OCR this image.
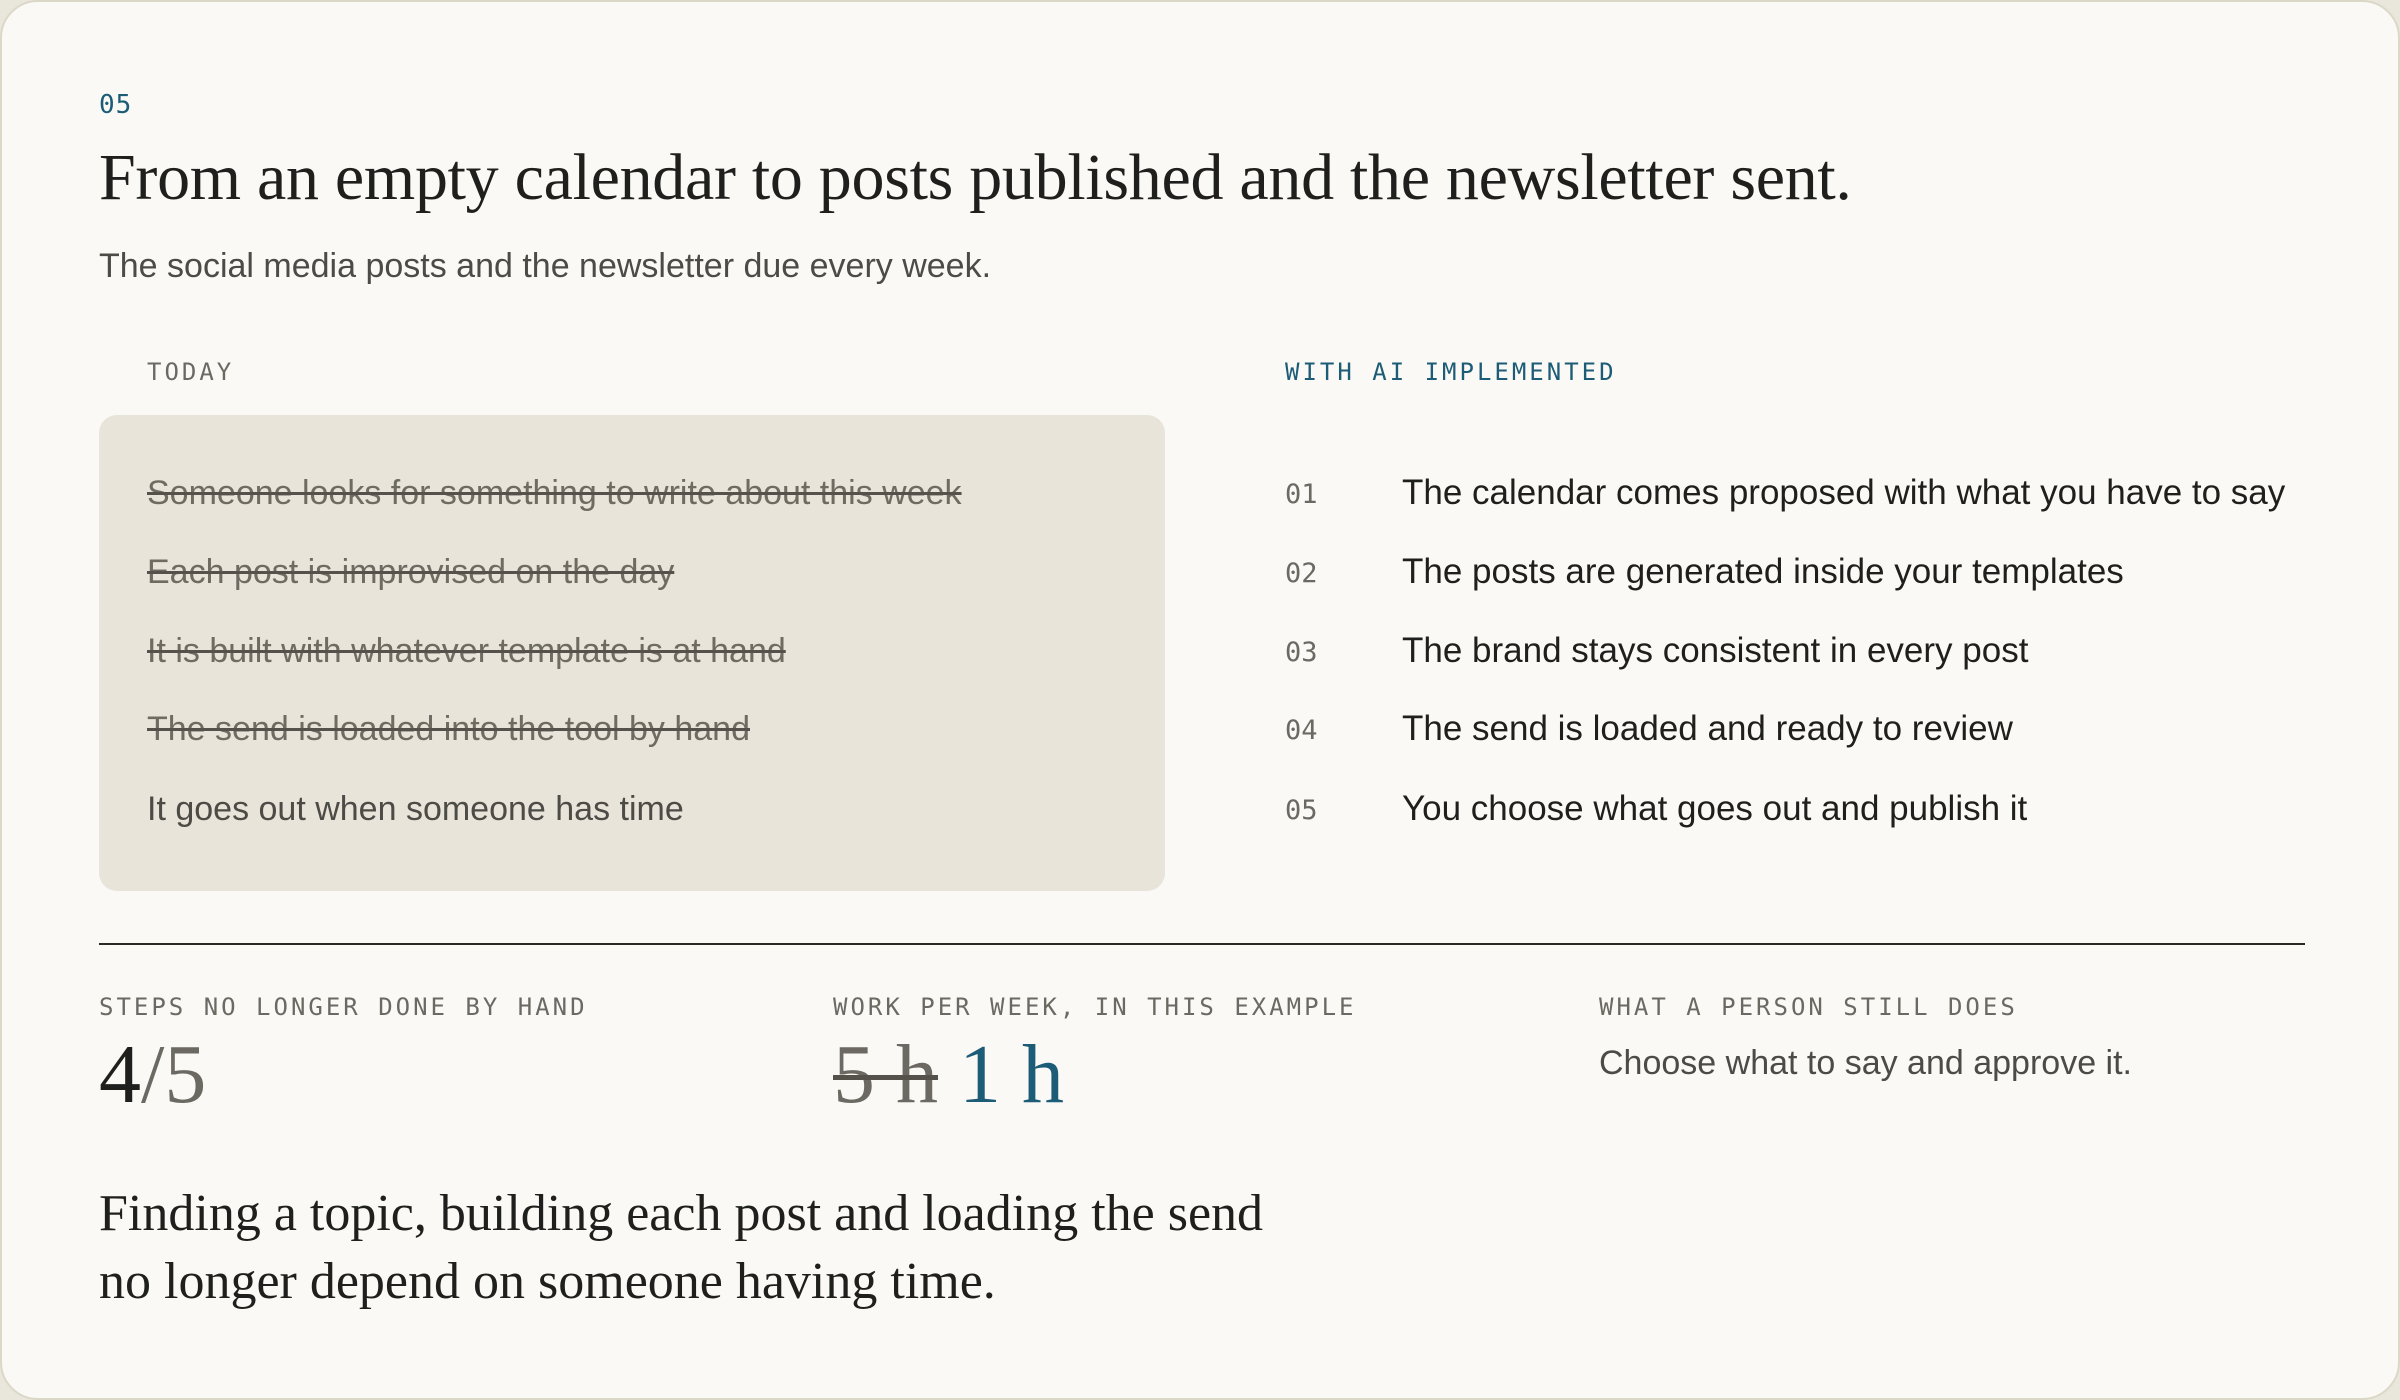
05
From an empty calendar to posts published and the newsletter sent.
The social media posts and the newsletter due every week.
TODAY	WITH AI IMPLEMENTED
Someone looks for something to write about this week
Each post is improvised on the day
It is built with whatever template is at hand
The send is loaded into the tool by hand
It goes out when someone has time
01 The calendar comes proposed with what you have to say
02 The posts are generated inside your templates
03 The brand stays consistent in every post
04 The send is loaded and ready to review
05 You choose what goes out and publish it
STEPS NO LONGER DONE BY HAND
4/5
WORK PER WEEK, IN THIS EXAMPLE
5 h 1 h
WHAT A PERSON STILL DOES
Choose what to say and approve it.
Finding a topic, building each post and loading the send no longer depend on someone having time.
